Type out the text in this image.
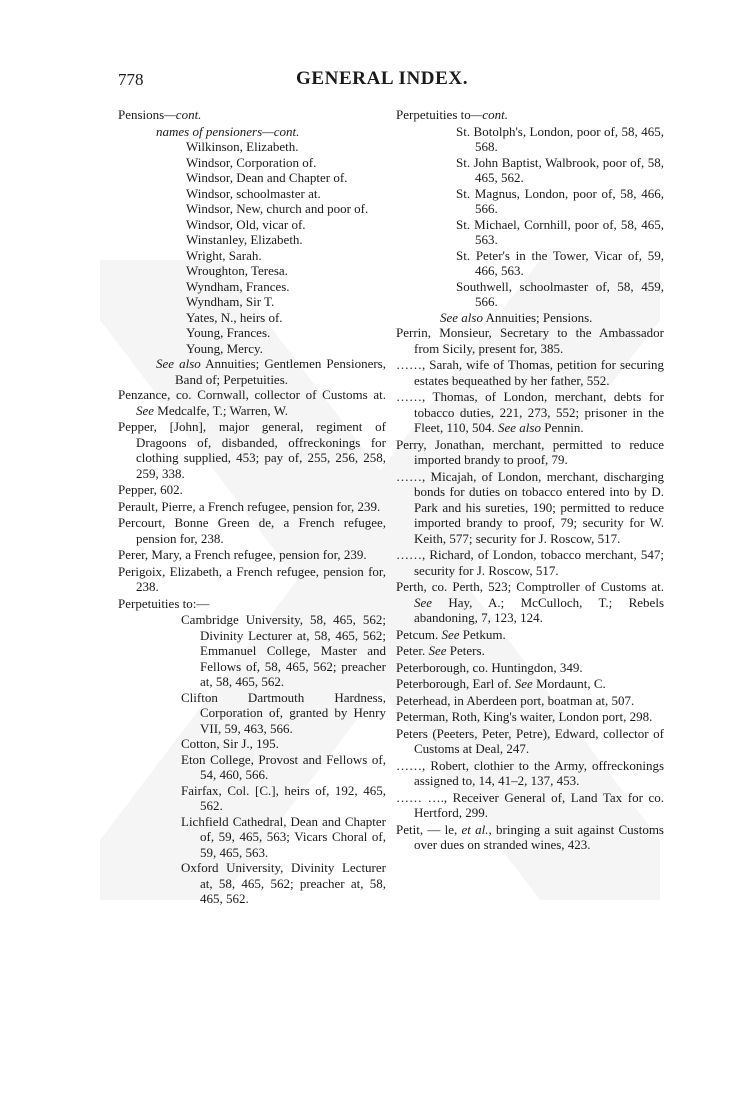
778	GENERAL INDEX.
Pensions—cont.
names of pensioners—cont.
Wilkinson, Elizabeth.
Windsor, Corporation of.
Windsor, Dean and Chapter of.
Windsor, schoolmaster at.
Windsor, New, church and poor of.
Windsor, Old, vicar of.
Winstanley, Elizabeth.
Wright, Sarah.
Wroughton, Teresa.
Wyndham, Frances.
Wyndham, Sir T.
Yates, N., heirs of.
Young, Frances.
Young, Mercy.
See also Annuities; Gentlemen Pensioners, Band of; Perpetuities.
Penzance, co. Cornwall, collector of Customs at. See Medcalfe, T.; Warren, W.
Pepper, [John], major general, regiment of Dragoons of, disbanded, offreckonings for clothing supplied, 453; pay of, 255, 256, 258, 259, 338.
Pepper, 602.
Perault, Pierre, a French refugee, pension for, 239.
Percourt, Bonne Green de, a French refugee, pension for, 238.
Perer, Mary, a French refugee, pension for, 239.
Perigoix, Elizabeth, a French refugee, pension for, 238.
Perpetuities to:—
Cambridge University, 58, 465, 562; Divinity Lecturer at, 58, 465, 562; Emmanuel College, Master and Fellows of, 58, 465, 562; preacher at, 58, 465, 562.
Clifton Dartmouth Hardness, Corporation of, granted by Henry VII, 59, 463, 566.
Cotton, Sir J., 195.
Eton College, Provost and Fellows of, 54, 460, 566.
Fairfax, Col. [C.], heirs of, 192, 465, 562.
Lichfield Cathedral, Dean and Chapter of, 59, 465, 563; Vicars Choral of, 59, 465, 563.
Oxford University, Divinity Lecturer at, 58, 465, 562; preacher at, 58, 465, 562.
Perpetuities to—cont.
St. Botolph's, London, poor of, 58, 465, 568.
St. John Baptist, Walbrook, poor of, 58, 465, 562.
St. Magnus, London, poor of, 58, 466, 566.
St. Michael, Cornhill, poor of, 58, 465, 563.
St. Peter's in the Tower, Vicar of, 59, 466, 563.
Southwell, schoolmaster of, 58, 459, 566.
See also Annuities; Pensions.
Perrin, Monsieur, Secretary to the Ambassador from Sicily, present for, 385.
……, Sarah, wife of Thomas, petition for securing estates bequeathed by her father, 552.
……, Thomas, of London, merchant, debts for tobacco duties, 221, 273, 552; prisoner in the Fleet, 110, 504. See also Pennin.
Perry, Jonathan, merchant, permitted to reduce imported brandy to proof, 79.
……, Micajah, of London, merchant, discharging bonds for duties on tobacco entered into by D. Park and his sureties, 190; permitted to reduce imported brandy to proof, 79; security for W. Keith, 577; security for J. Roscow, 517.
……, Richard, of London, tobacco merchant, 547; security for J. Roscow, 517.
Perth, co. Perth, 523; Comptroller of Customs at. See Hay, A.; McCulloch, T.; Rebels abandoning, 7, 123, 124.
Petcum. See Petkum.
Peter. See Peters.
Peterborough, co. Huntingdon, 349.
Peterborough, Earl of. See Mordaunt, C.
Peterhead, in Aberdeen port, boatman at, 507.
Peterman, Roth, King's waiter, London port, 298.
Peters (Peeters, Peter, Petre), Edward, collector of Customs at Deal, 247.
……, Robert, clothier to the Army, offreckonings assigned to, 14, 41–2, 137, 453.
…… …., Receiver General of, Land Tax for co. Hertford, 299.
Petit, — le, et al., bringing a suit against Customs over dues on stranded wines, 423.
